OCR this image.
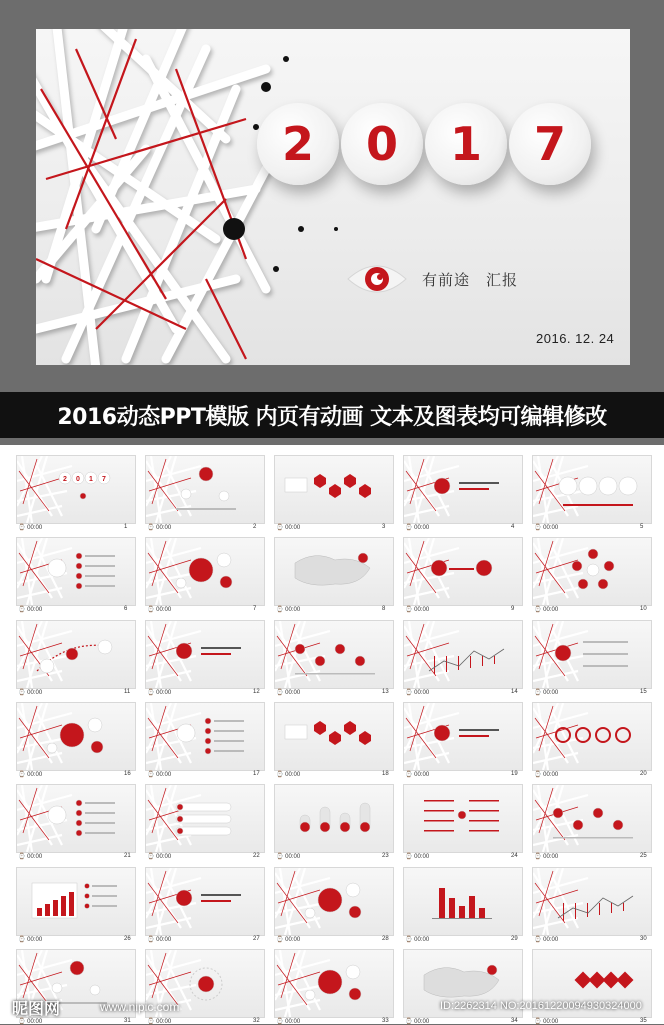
2	0	1	7
有前途　汇报
2016. 12. 24
2016动态PPT模版 内页有动画 文本及图表均可编辑修改
2 0 1 7
⌚ 00:00	1	⌚ 00:00	2	⌚ 00:00	3	⌚ 00:00	4	⌚ 00:00	5
⌚ 00:00	6	⌚ 00:00	7	⌚ 00:00	8	⌚ 00:00	9	⌚ 00:00	10
⌚ 00:00	11	⌚ 00:00	12	⌚ 00:00	13	⌚ 00:00	14	⌚ 00:00	15
⌚ 00:00	16	⌚ 00:00	17	⌚ 00:00	18	⌚ 00:00	19	⌚ 00:00	20
⌚ 00:00	21	⌚ 00:00	22	⌚ 00:00	23	⌚ 00:00	24	⌚ 00:00	25
⌚ 00:00	26	⌚ 00:00	27	⌚ 00:00	28	⌚ 00:00	29	⌚ 00:00	30
⌚ 00:00	31	⌚ 00:00	32	⌚ 00:00	33	⌚ 00:00	34	⌚ 00:00	35
昵图网	www.nipic.com	ID:2262314 NO:20161220094930324000
